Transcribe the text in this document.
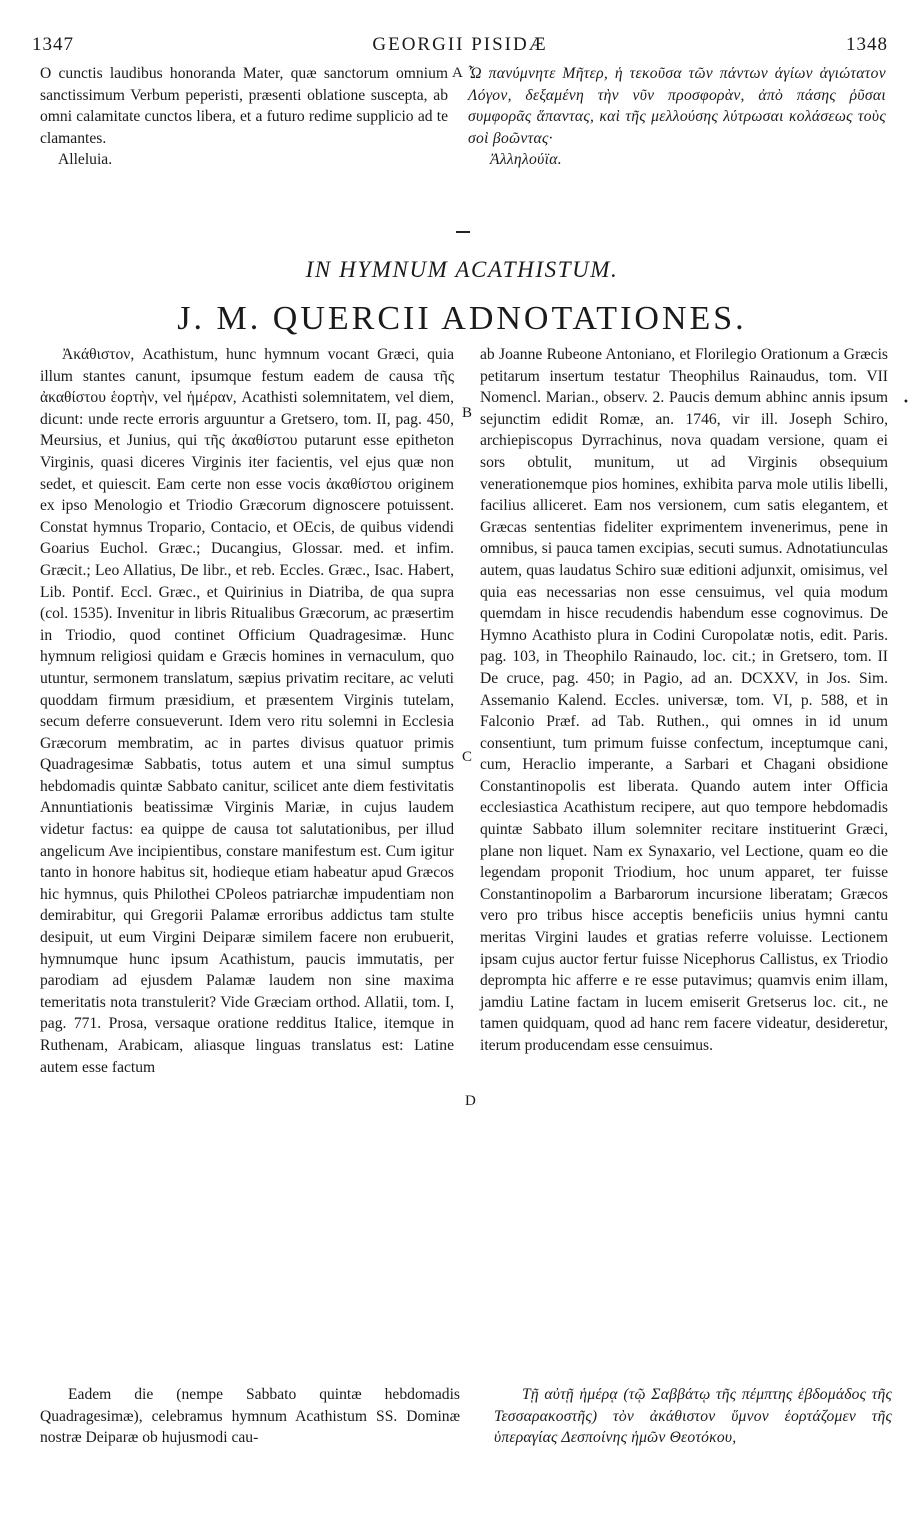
1347	GEORGII PISIDÆ	1348

O cunctis laudibus honoranda Mater, quæ sanctorum omnium sanctissimum Verbum peperisti, præsenti oblatione suscepta, ab omni calamitate cunctos libera, et a futuro redime supplicio ad te clamantes.

Alleluia.

Ὦ πανύμνητε Μῆτερ, ἡ τεκοῦσα τῶν πάντων ἁγίων ἁγιώτατον Λόγον, δεξαμένη τὴν νῦν προσφορὰν, ἀπὸ πάσης ῥῦσαι συμφορᾶς ἅπαντας, καὶ τῆς μελλούσης λύτρωσαι κολάσεως τοὺς σοὶ βοῶντας·

Ἀλληλούϊα.

A
IN HYMNUM ACATHISTUM.
J. M. QUERCII ADNOTATIONES.

Ἀκάθιστον, Acathistum, hunc hymnum vocant Græci, quia illum stantes canunt, ipsumque festum eadem de causa τῆς ἀκαθίστου ἑορτὴν, vel ἡμέραν, Acathisti solemnitatem, vel diem, dicunt: unde recte erroris arguuntur a Gretsero, tom. II, pag. 450, Meursius, et Junius, qui τῆς ἀκαθίστου putarunt esse epitheton Virginis, quasi diceres Virginis iter facientis, vel ejus quæ non sedet, et quiescit. Eam certe non esse vocis ἀκαθίστου originem ex ipso Menologio et Triodio Græcorum dignoscere potuissent. Constat hymnus Tropario, Contacio, et OEcis, de quibus videndi Goarius Euchol. Græc.; Ducangius, Glossar. med. et infim. Græcit.; Leo Allatius, De libr., et reb. Eccles. Græc., Isac. Habert, Lib. Pontif. Eccl. Græc., et Quirinius in Diatriba, de qua supra (col. 1535). Invenitur in libris Ritualibus Græcorum, ac præsertim in Triodio, quod continet Officium Quadragesimæ. Hunc hymnum religiosi quidam e Græcis homines in vernaculum, quo utuntur, sermonem translatum, sæpius privatim recitare, ac veluti quoddam firmum præsidium, et præsentem Virginis tutelam, secum deferre consueverunt. Idem vero ritu solemni in Ecclesia Græcorum membratim, ac in partes divisus quatuor primis Quadragesimæ Sabbatis, totus autem et una simul sumptus hebdomadis quintæ Sabbato canitur, scilicet ante diem festivitatis Annuntiationis beatissimæ Virginis Mariæ, in cujus laudem videtur factus: ea quippe de causa tot salutationibus, per illud angelicum Ave incipientibus, constare manifestum est. Cum igitur tanto in honore habitus sit, hodieque etiam habeatur apud Græcos hic hymnus, quis Philothei CPoleos patriarchæ impudentiam non demirabitur, qui Gregorii Palamæ erroribus addictus tam stulte desipuit, ut eum Virgini Deiparæ similem facere non erubuerit, hymnumque hunc ipsum Acathistum, paucis immutatis, per parodiam ad ejusdem Palamæ laudem non sine maxima temeritatis nota transtulerit? Vide Græciam orthod. Allatii, tom. I, pag. 771. Prosa, versaque oratione redditus Italice, itemque in Ruthenam, Arabicam, aliasque linguas translatus est: Latine autem esse factum

ab Joanne Rubeone Antoniano, et Florilegio Orationum a Græcis petitarum insertum testatur Theophilus Rainaudus, tom. VII Nomencl. Marian., observ. 2. Paucis demum abhinc annis ipsum sejunctim edidit Romæ, an. 1746, vir ill. Joseph Schiro, archiepiscopus Dyrrachinus, nova quadam versione, quam ei sors obtulit, munitum, ut ad Virginis obsequium venerationemque pios homines, exhibita parva mole utilis libelli, facilius alliceret. Eam nos versionem, cum satis elegantem, et Græcas sententias fideliter exprimentem invenerimus, pene in omnibus, si pauca tamen excipias, secuti sumus. Adnotatiunculas autem, quas laudatus Schiro suæ editioni adjunxit, omisimus, vel quia eas necessarias non esse censuimus, vel quia modum quemdam in hisce recudendis habendum esse cognovimus. De Hymno Acathisto plura in Codini Curopolatæ notis, edit. Paris. pag. 103, in Theophilo Rainaudo, loc. cit.; in Gretsero, tom. II De cruce, pag. 450; in Pagio, ad an. DCXXV, in Jos. Sim. Assemanio Kalend. Eccles. universæ, tom. VI, p. 588, et in Falconio Præf. ad Tab. Ruthen., qui omnes in id unum consentiunt, tum primum fuisse confectum, inceptumque cani, cum, Heraclio imperante, a Sarbari et Chagani obsidione Constantinopolis est liberata. Quando autem inter Officia ecclesiastica Acathistum recipere, aut quo tempore hebdomadis quintæ Sabbato illum solemniter recitare instituerint Græci, plane non liquet. Nam ex Synaxario, vel Lectione, quam eo die legendam proponit Triodium, hoc unum apparet, ter fuisse Constantinopolim a Barbarorum incursione liberatam; Græcos vero pro tribus hisce acceptis beneficiis unius hymni cantu meritas Virgini laudes et gratias referre voluisse. Lectionem ipsam cujus auctor fertur fuisse Nicephorus Callistus, ex Triodio deprompta hic afferre e re esse putavimus; quamvis enim illam, jamdiu Latine factam in lucem emiserit Gretserus loc. cit., ne tamen quidquam, quod ad hanc rem facere videatur, desideretur, iterum producendam esse censuimus.

B
C
D
•

Eadem die (nempe Sabbato quintæ hebdomadis Quadragesimæ), celebramus hymnum Acathistum SS. Dominæ nostræ Deiparæ ob hujusmodi cau-

Τῇ αὐτῇ ἡμέρᾳ (τῷ Σαββάτῳ τῆς πέμπτης ἑβδομάδος τῆς Τεσσαρακοστῆς) τὸν ἀκάθιστον ὕμνον ἑορτάζομεν τῆς ὑπεραγίας Δεσποίνης ἡμῶν Θεοτόκου,
